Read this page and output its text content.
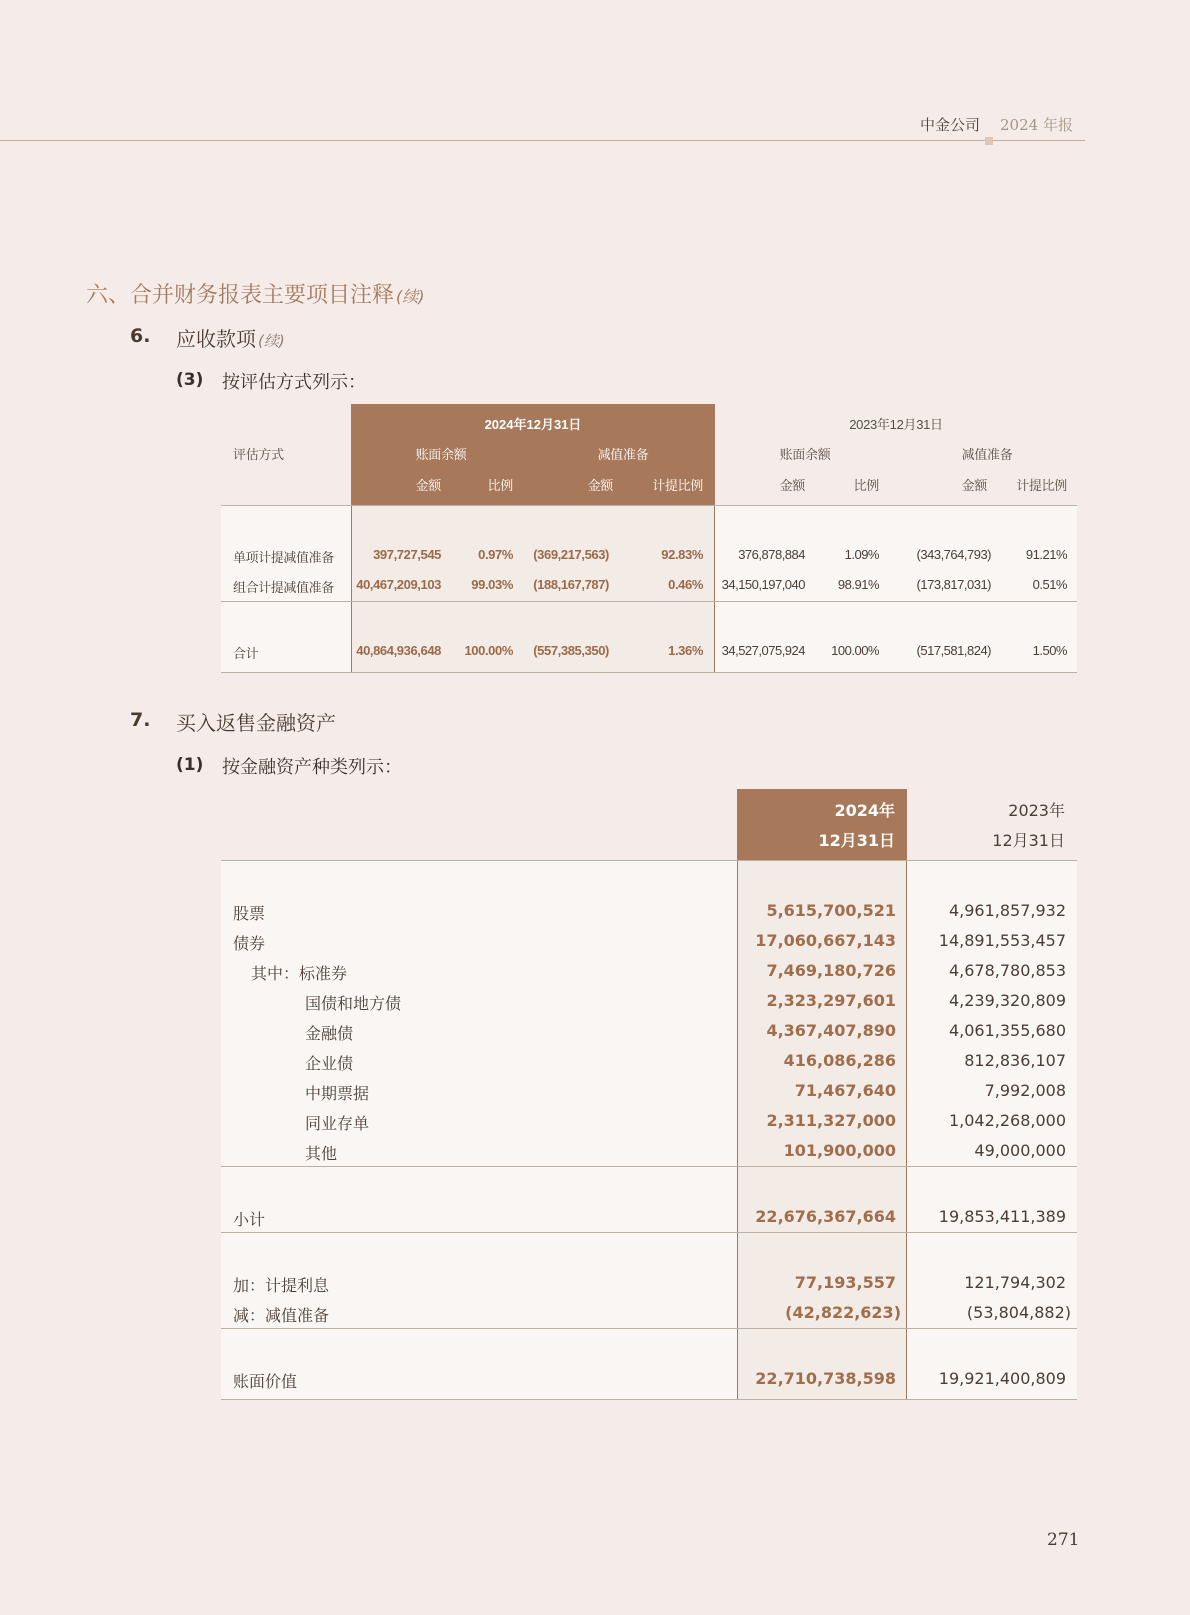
中金公司 2024 年报
六、合并财务报表主要项目注释 (续)
6. 应收款项 (续)
(3) 按评估方式列示：
评估方式
2024年12月31日	2023年12月31日
账面余额	减值准备	账面余额	减值准备
金额	比例	金额	计提比例	金额	比例	金额	计提比例
单项计提减值准备	397,727,545	0.97%	(369,217,563)	92.83%	376,878,884	1.09%	(343,764,793)	91.21%
组合计提减值准备	40,467,209,103	99.03%	(188,167,787)	0.46%	34,150,197,040	98.91%	(173,817,031)	0.51%
合计	40,864,936,648	100.00%	(557,385,350)	1.36%	34,527,075,924	100.00%	(517,581,824)	1.50%
7. 买入返售金融资产
(1) 按金融资产种类列示：
2024年
12月31日
2023年
12月31日
股票	5,615,700,521	4,961,857,932
债券	17,060,667,143	14,891,553,457
其中：标准券	7,469,180,726	4,678,780,853
国债和地方债	2,323,297,601	4,239,320,809
金融债	4,367,407,890	4,061,355,680
企业债	416,086,286	812,836,107
中期票据	71,467,640	7,992,008
同业存单	2,311,327,000	1,042,268,000
其他	101,900,000	49,000,000
小计	22,676,367,664	19,853,411,389
加：计提利息	77,193,557	121,794,302
减：减值准备	(42,822,623)	(53,804,882)
账面价值	22,710,738,598	19,921,400,809
271
